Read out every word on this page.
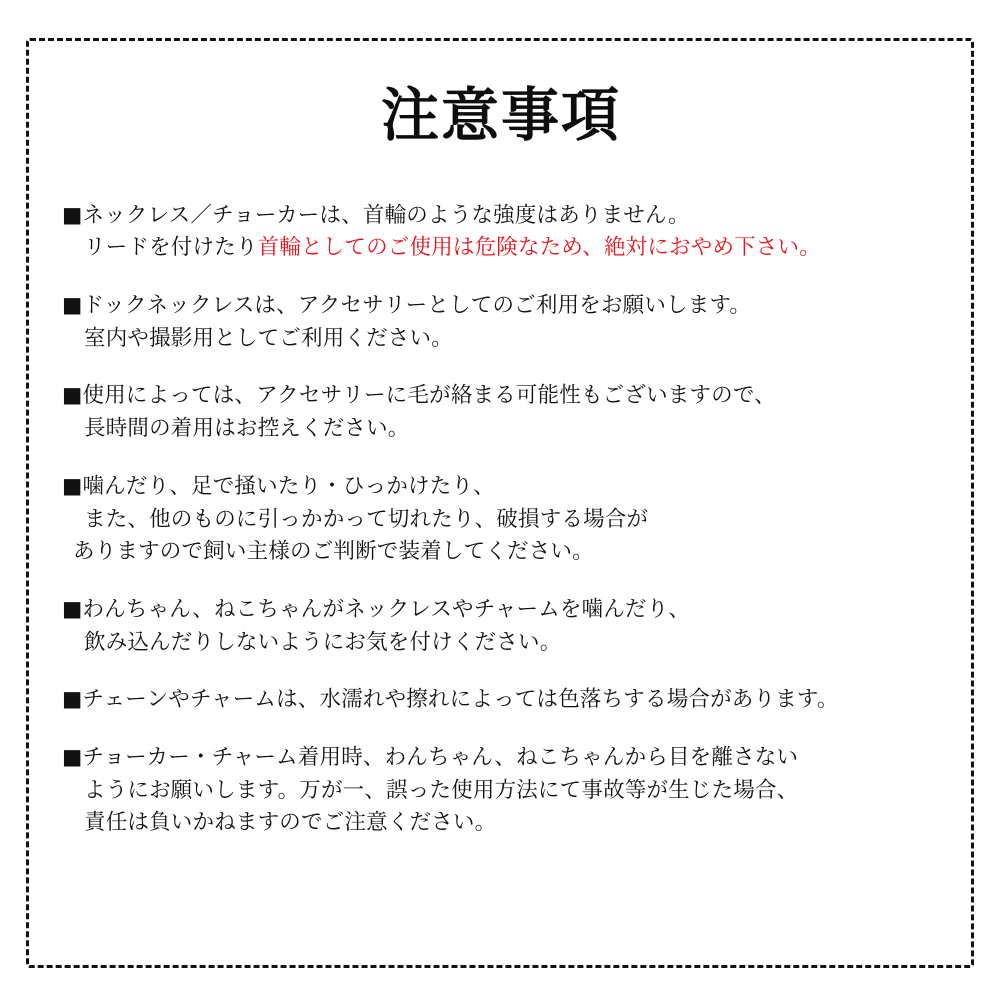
注意事項
■ネックレス／チョーカーは、首輪のような強度はありません。
リードを付けたり首輪としてのご使用は危険なため、絶対におやめ下さい。
■ドックネックレスは、アクセサリーとしてのご利用をお願いします。
室内や撮影用としてご利用ください。
■使用によっては、アクセサリーに毛が絡まる可能性もございますので、
長時間の着用はお控えください。
■噛んだり、足で掻いたり・ひっかけたり、
また、他のものに引っかかって切れたり、破損する場合が
ありますので飼い主様のご判断で装着してください。
■わんちゃん、ねこちゃんがネックレスやチャームを噛んだり、
飲み込んだりしないようにお気を付けください。
■チェーンやチャームは、水濡れや擦れによっては色落ちする場合があります。
■チョーカー・チャーム着用時、わんちゃん、ねこちゃんから目を離さない
ようにお願いします。万が一、誤った使用方法にて事故等が生じた場合、
責任は負いかねますのでご注意ください。
